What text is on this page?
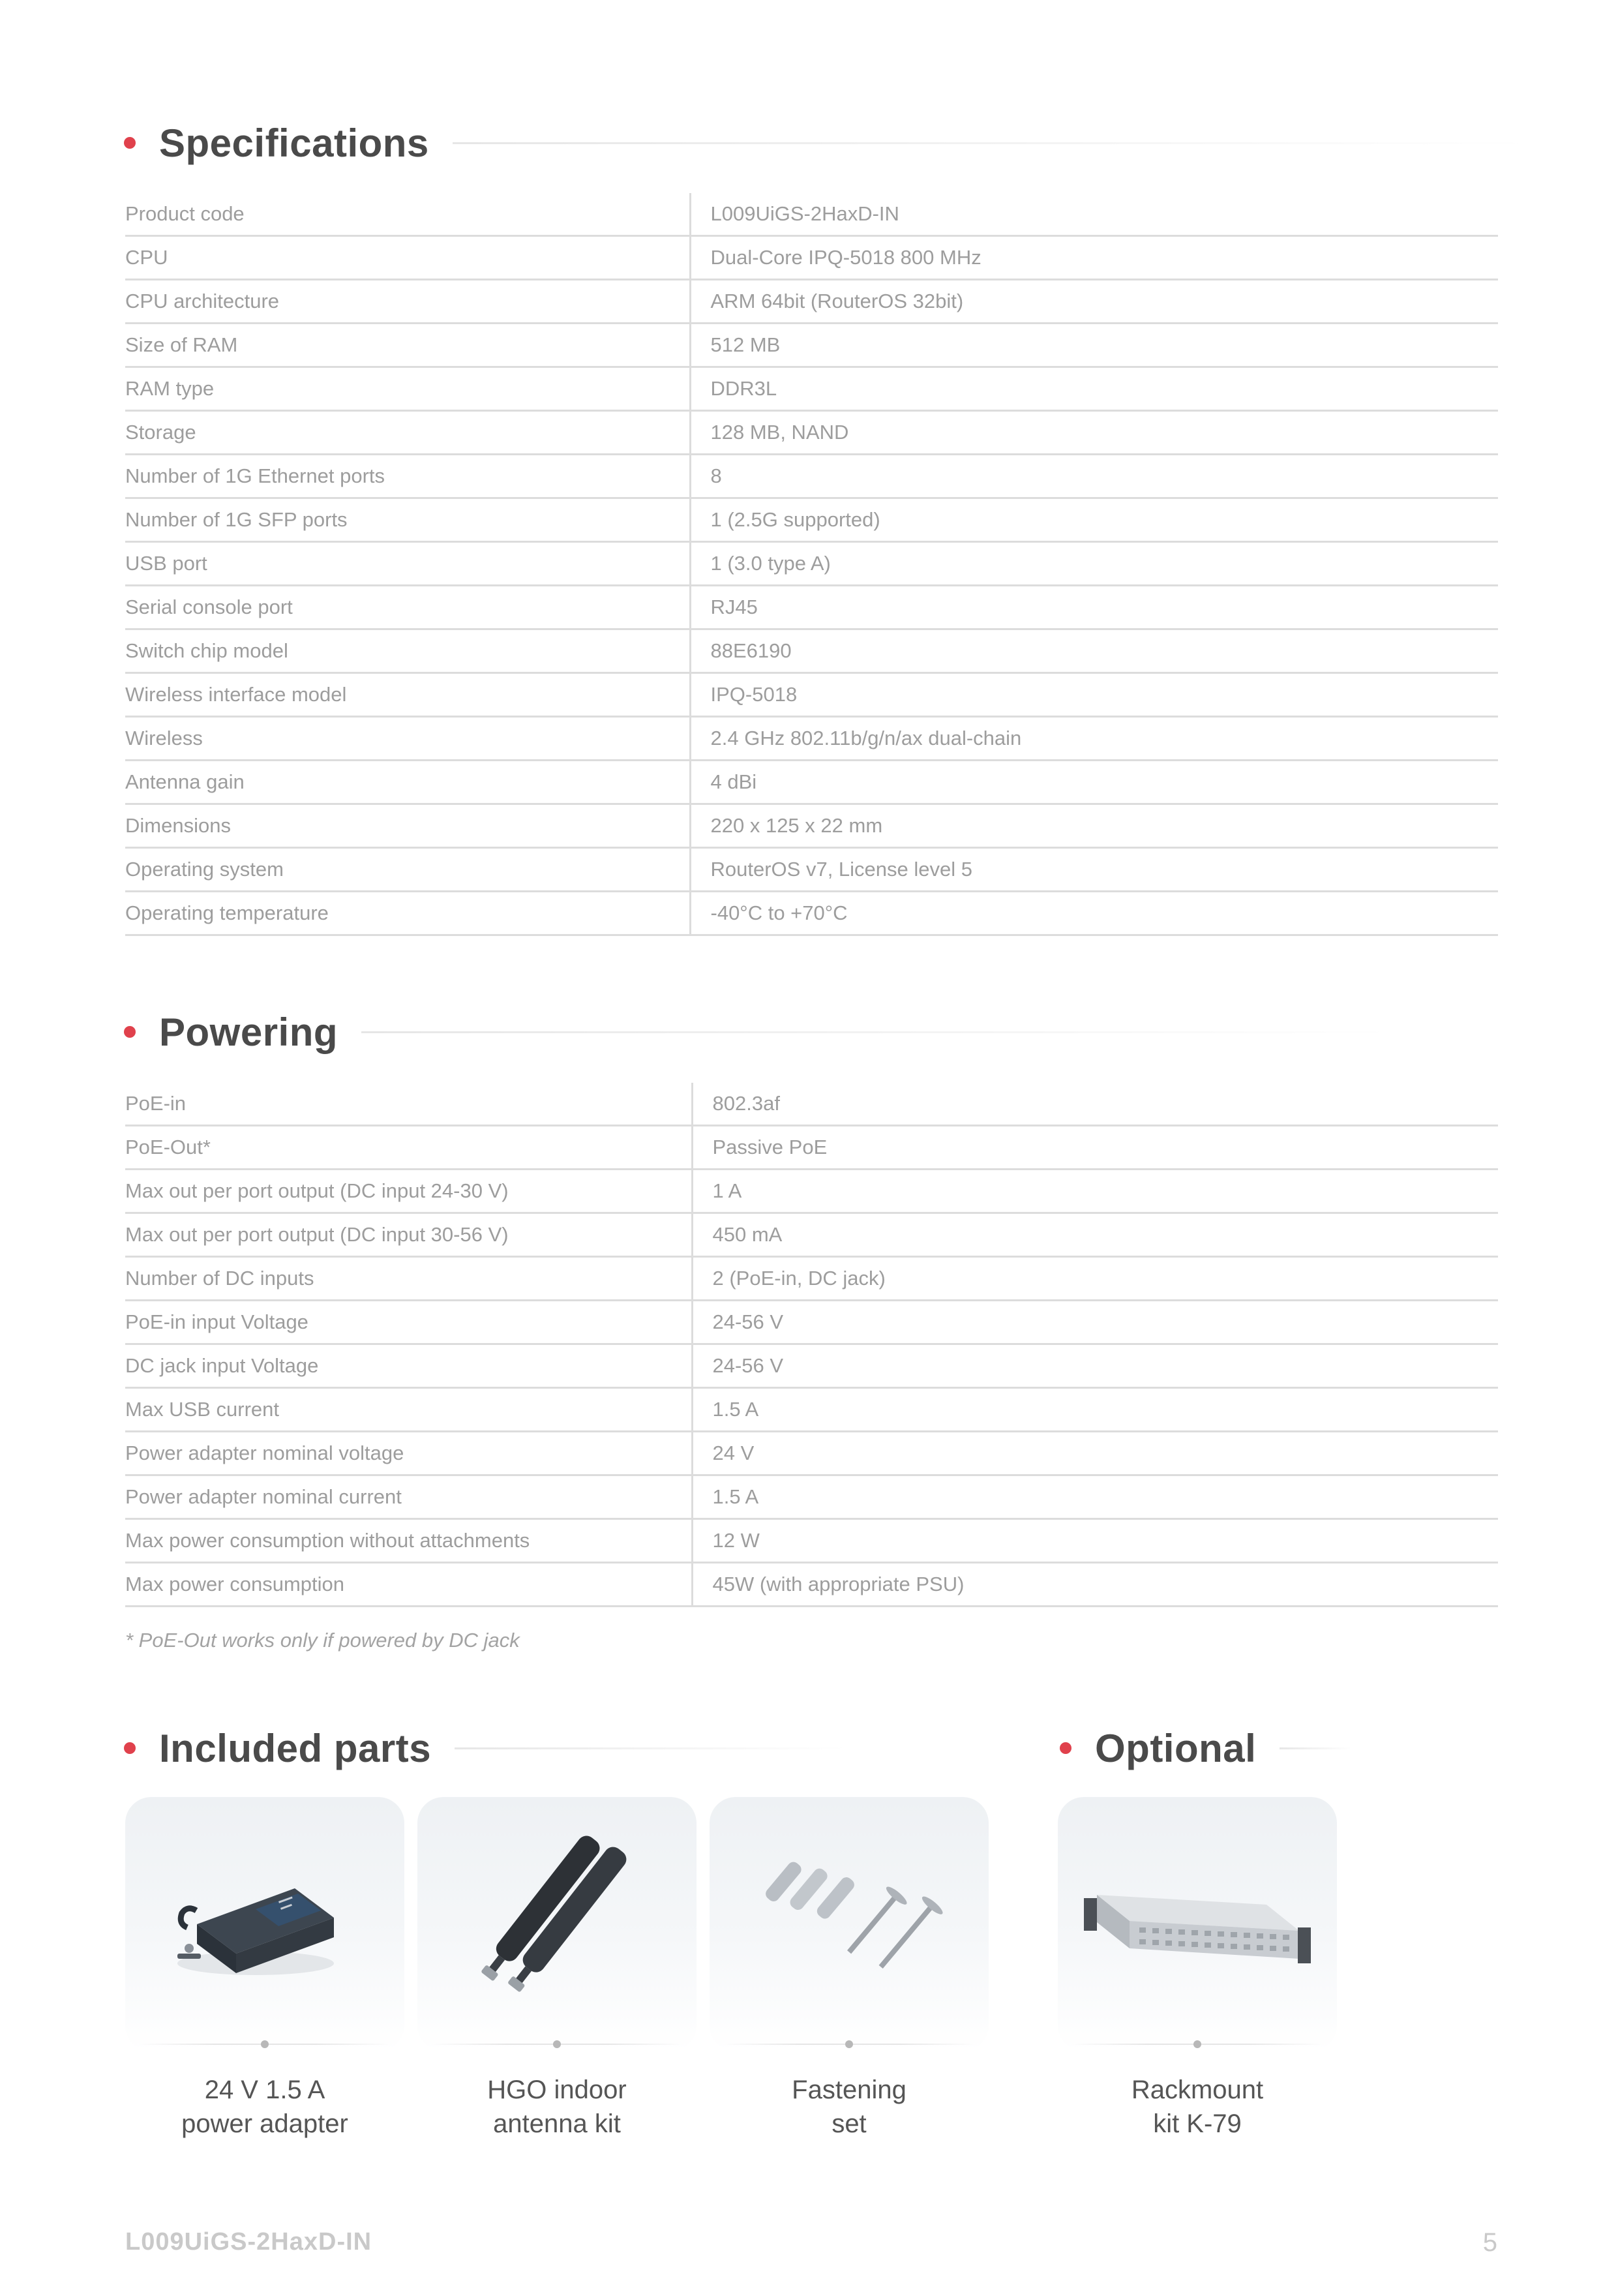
Specifications
Product code	L009UiGS-2HaxD-IN
CPU	Dual-Core IPQ-5018 800 MHz
CPU architecture	ARM 64bit (RouterOS 32bit)
Size of RAM	512 MB
RAM type	DDR3L
Storage	128 MB, NAND
Number of 1G Ethernet ports	8
Number of 1G SFP ports	1 (2.5G supported)
USB port	1 (3.0 type A)
Serial console port	RJ45
Switch chip model	88E6190
Wireless interface model	IPQ-5018
Wireless	2.4 GHz 802.11b/g/n/ax dual-chain
Antenna gain	4 dBi
Dimensions	220 x 125 x 22 mm
Operating system	RouterOS v7, License level 5
Operating temperature	-40°C to +70°C
Powering
PoE-in	802.3af
PoE-Out*	Passive PoE
Max out per port output (DC input 24-30 V)	1 A
Max out per port output (DC input 30-56 V)	450 mA
Number of DC inputs	2 (PoE-in, DC jack)
PoE-in input Voltage	24-56 V
DC jack input Voltage	24-56 V
Max USB current	1.5 A
Power adapter nominal voltage	24 V
Power adapter nominal current	1.5 A
Max power consumption without attachments	12 W
Max power consumption	45W (with appropriate PSU)
* PoE-Out works only if powered by DC jack
Included parts	Optional
24 V 1.5 A
power adapter
HGO indoor
antenna kit
Fastening
set
Rackmount
kit K-79
L009UiGS-2HaxD-IN	5
